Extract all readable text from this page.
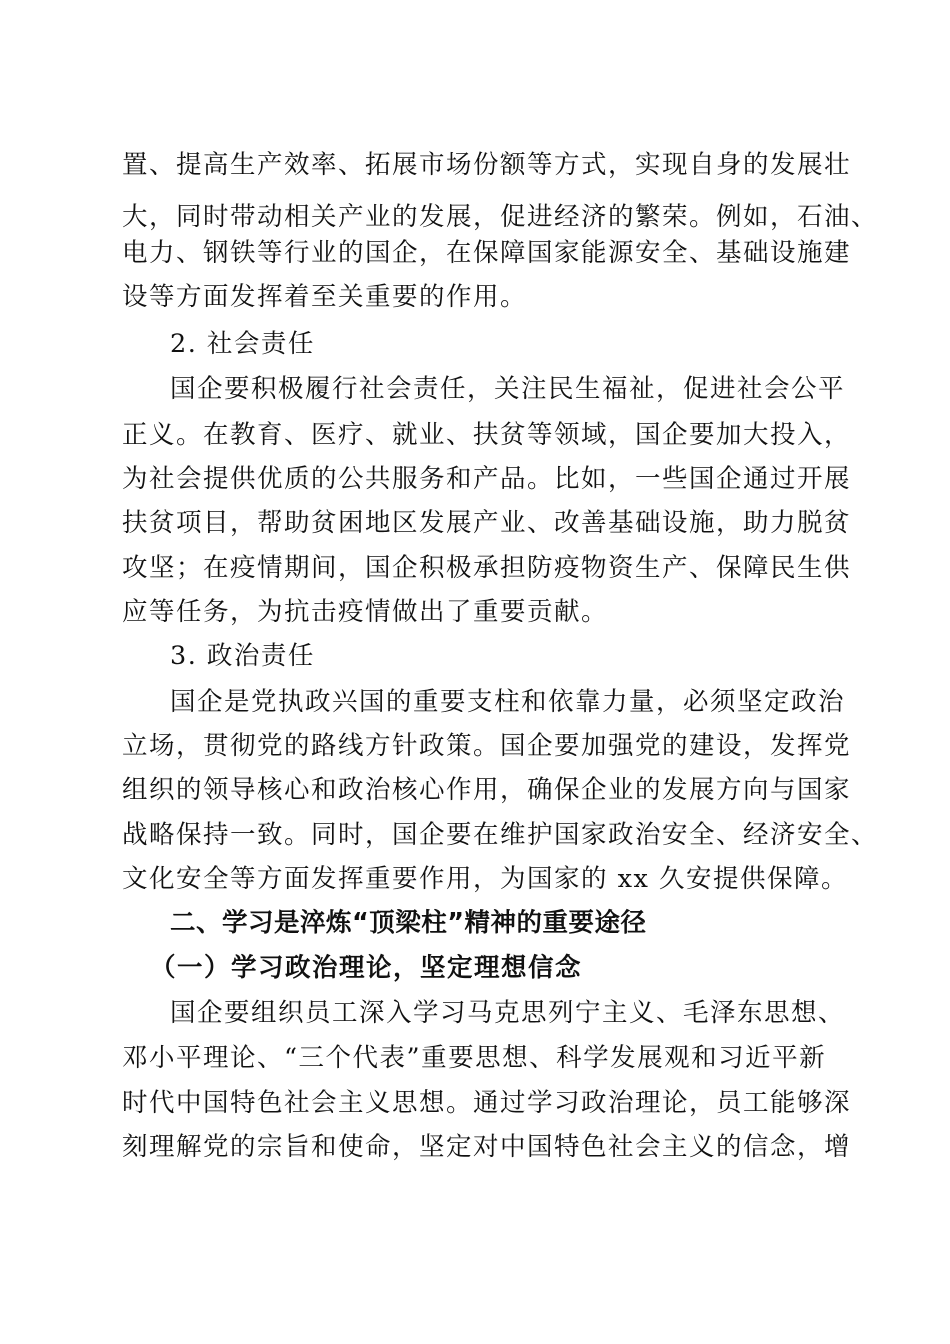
置、提高生产效率、拓展市场份额等方式，实现自身的发展壮
大，同时带动相关产业的发展，促进经济的繁荣。例如，石油、
电力、钢铁等行业的国企，在保障国家能源安全、基础设施建
设等方面发挥着至关重要的作用。
2. 社会责任
国企要积极履行社会责任，关注民生福祉，促进社会公平
正义。在教育、医疗、就业、扶贫等领域，国企要加大投入，
为社会提供优质的公共服务和产品。比如，一些国企通过开展
扶贫项目，帮助贫困地区发展产业、改善基础设施，助力脱贫
攻坚；在疫情期间，国企积极承担防疫物资生产、保障民生供
应等任务，为抗击疫情做出了重要贡献。
3. 政治责任
国企是党执政兴国的重要支柱和依靠力量，必须坚定政治
立场，贯彻党的路线方针政策。国企要加强党的建设，发挥党
组织的领导核心和政治核心作用，确保企业的发展方向与国家
战略保持一致。同时，国企要在维护国家政治安全、经济安全、
文化安全等方面发挥重要作用，为国家的 xx 久安提供保障。
二、学习是淬炼“顶梁柱”精神的重要途径
（一）学习政治理论，坚定理想信念
国企要组织员工深入学习马克思列宁主义、毛泽东思想、
邓小平理论、“三个代表”重要思想、科学发展观和习近平新
时代中国特色社会主义思想。通过学习政治理论，员工能够深
刻理解党的宗旨和使命，坚定对中国特色社会主义的信念，增
